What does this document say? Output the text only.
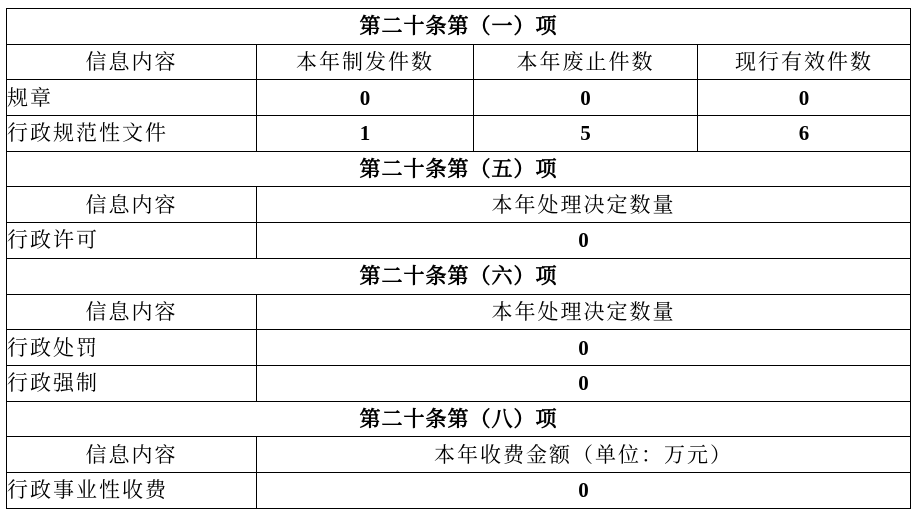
第二十条第（一）项			
信息内容	本年制发件数	本年废止件数	现行有效件数
规章	0	0	0
行政规范性文件	1	5	6
第二十条第（五）项			
信息内容	本年处理决定数量		
行政许可	0		
第二十条第（六）项			
信息内容	本年处理决定数量		
行政处罚	0		
行政强制	0		
第二十条第（八）项			
信息内容	本年收费金额（单位：万元）		
行政事业性收费	0		
